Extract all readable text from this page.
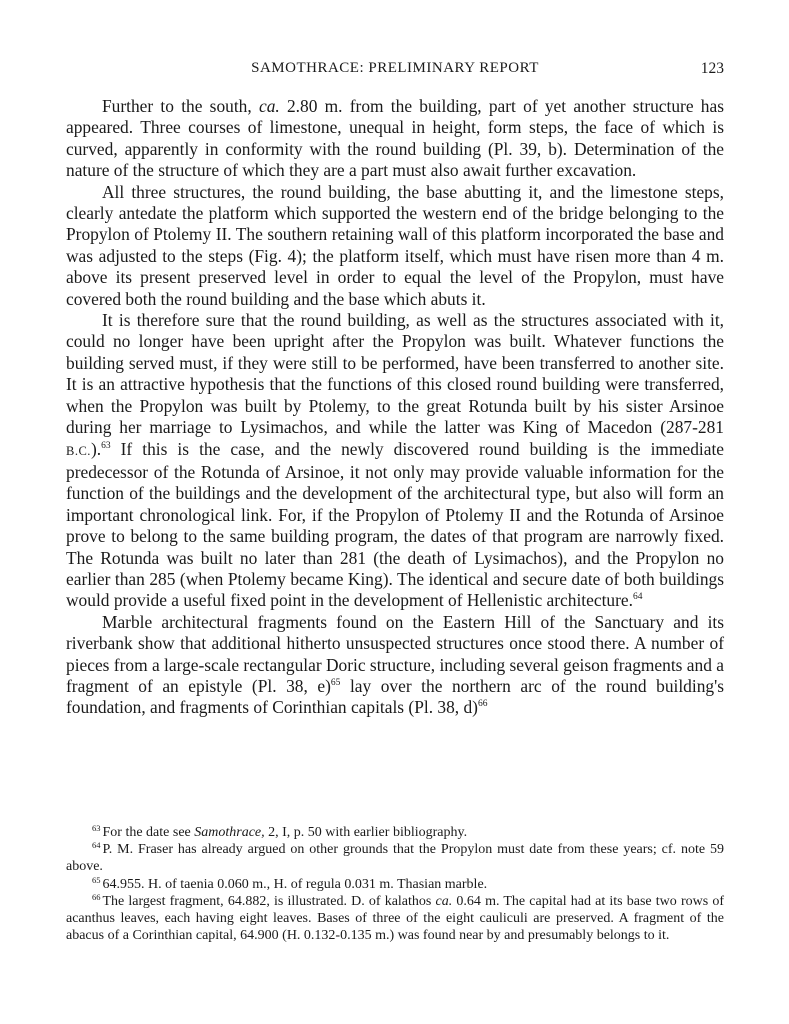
SAMOTHRACE: PRELIMINARY REPORT	123

Further to the south, ca. 2.80 m. from the building, part of yet another structure has appeared. Three courses of limestone, unequal in height, form steps, the face of which is curved, apparently in conformity with the round building (Pl. 39, b). Determination of the nature of the structure of which they are a part must also await further excavation.

All three structures, the round building, the base abutting it, and the limestone steps, clearly antedate the platform which supported the western end of the bridge belonging to the Propylon of Ptolemy II. The southern retaining wall of this platform incorporated the base and was adjusted to the steps (Fig. 4); the platform itself, which must have risen more than 4 m. above its present preserved level in order to equal the level of the Propylon, must have covered both the round building and the base which abuts it.

It is therefore sure that the round building, as well as the structures associated with it, could no longer have been upright after the Propylon was built. Whatever functions the building served must, if they were still to be performed, have been transferred to another site. It is an attractive hypothesis that the functions of this closed round building were transferred, when the Propylon was built by Ptolemy, to the great Rotunda built by his sister Arsinoe during her marriage to Lysimachos, and while the latter was King of Macedon (287-281 B.C.).$^{63}$ If this is the case, and the newly discovered round building is the immediate predecessor of the Rotunda of Arsinoe, it not only may provide valuable information for the function of the buildings and the development of the architectural type, but also will form an important chronological link. For, if the Propylon of Ptolemy II and the Rotunda of Arsinoe prove to belong to the same building program, the dates of that program are narrowly fixed. The Rotunda was built no later than 281 (the death of Lysimachos), and the Propylon no earlier than 285 (when Ptolemy became King). The identical and secure date of both buildings would provide a useful fixed point in the development of Hellenistic architecture.$^{64}$

Marble architectural fragments found on the Eastern Hill of the Sanctuary and its riverbank show that additional hitherto unsuspected structures once stood there. A number of pieces from a large-scale rectangular Doric structure, including several geison fragments and a fragment of an epistyle (Pl. 38, e)$^{65}$ lay over the northern arc of the round building's foundation, and fragments of Corinthian capitals (Pl. 38, d)$^{66}$

$^{63}$ For the date see Samothrace, 2, I, p. 50 with earlier bibliography.

$^{64}$ P. M. Fraser has already argued on other grounds that the Propylon must date from these years; cf. note 59 above.

$^{65}$ 64.955. H. of taenia 0.060 m., H. of regula 0.031 m. Thasian marble.

$^{66}$ The largest fragment, 64.882, is illustrated. D. of kalathos ca. 0.64 m. The capital had at its base two rows of acanthus leaves, each having eight leaves. Bases of three of the eight cauliculi are preserved. A fragment of the abacus of a Corinthian capital, 64.900 (H. 0.132-0.135 m.) was found near by and presumably belongs to it.
